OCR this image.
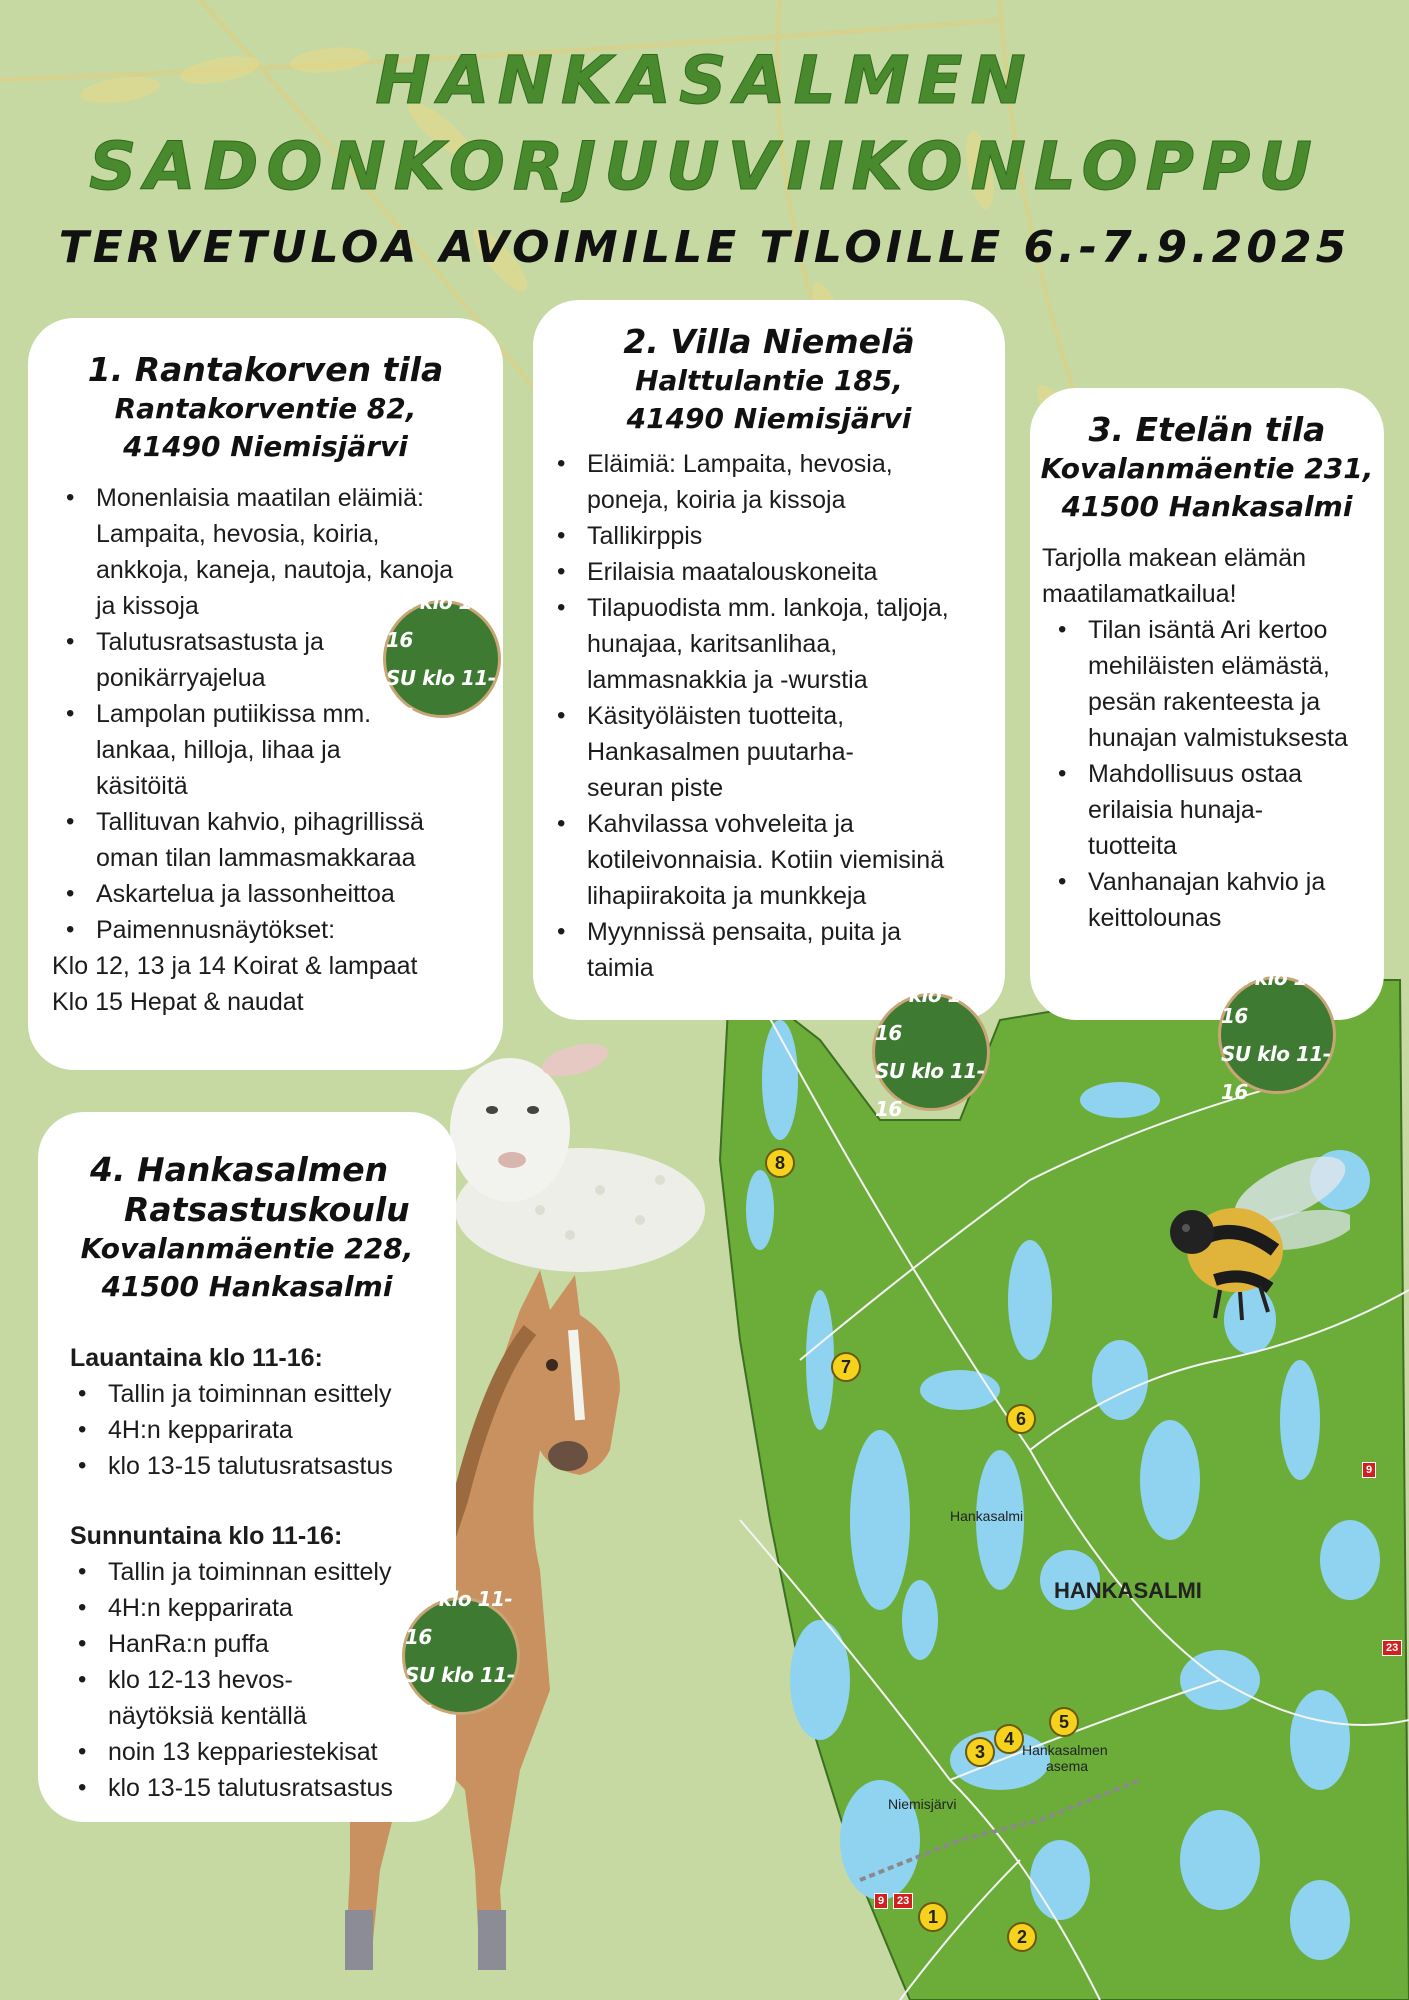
HANKASALMEN
SADONKORJUUVIIKONLOPPU
TERVETULOA AVOIMILLE TILOILLE 6.-7.9.2025
Hankasalmi
HANKASALMI
Hankasalmen
asema
Niemisjärvi
8
7
6
5
4
3
1
2
9
23
9	23
1. Rantakorven tila
Rantakorventie 82,
41490 Niemisjärvi
• Monenlaisia maatilan eläimiä: Lampaita, hevosia, koiria, ankkoja, kaneja, nautoja, kanoja ja kissoja
• Talutusratsastusta ja ponikärryajelua
• Lampolan putiikissa mm. lankaa, hilloja, lihaa ja käsitöitä
• Tallituvan kahvio, pihagrillissä oman tilan lammasmakkaraa
• Askartelua ja lassonheittoa
• Paimennusnäytökset:

Klo 12, 13 ja 14 Koirat & lampaat

Klo 15 Hepat & naudat

LA klo 11-16
SU klo 11-16
2. Villa Niemelä
Halttulantie 185,
41490 Niemisjärvi
• Eläimiä: Lampaita, hevosia, poneja, koiria ja kissoja
• Tallikirppis
• Erilaisia maatalouskoneita
• Tilapuodista mm. lankoja, taljoja, hunajaa, karitsanlihaa, lammasnakkia ja -wurstia
• Käsityöläisten tuotteita, Hankasalmen puutarha-seuran piste
• Kahvilassa vohveleita ja kotileivonnaisia. Kotiin viemisinä lihapiirakoita ja munkkeja
• Myynnissä pensaita, puita ja taimia
LA klo 11-16
SU klo 11-16
3. Etelän tila
Kovalanmäentie 231,
41500 Hankasalmi

Tarjolla makean elämän maatilamatkailua!

• Tilan isäntä Ari kertoo mehiläisten elämästä, pesän rakenteesta ja hunajan valmistuksesta
• Mahdollisuus ostaa erilaisia hunaja-tuotteita
• Vanhanajan kahvio ja keittolounas
LA klo 11-16
SU klo 11-16
4. Hankasalmen
Ratsastuskoulu
Kovalanmäentie 228,
41500 Hankasalmi

Lauantaina klo 11-16:

• Tallin ja toiminnan esittely
• 4H:n kepparirata
• klo 13-15 talutusratsastus

Sunnuntaina klo 11-16:

• Tallin ja toiminnan esittely
• 4H:n kepparirata
• HanRa:n puffa
• klo 12-13 hevos-näytöksiä kentällä
• noin 13 keppariestekisat
• klo 13-15 talutusratsastus
LA klo 11-16
SU klo 11-16
